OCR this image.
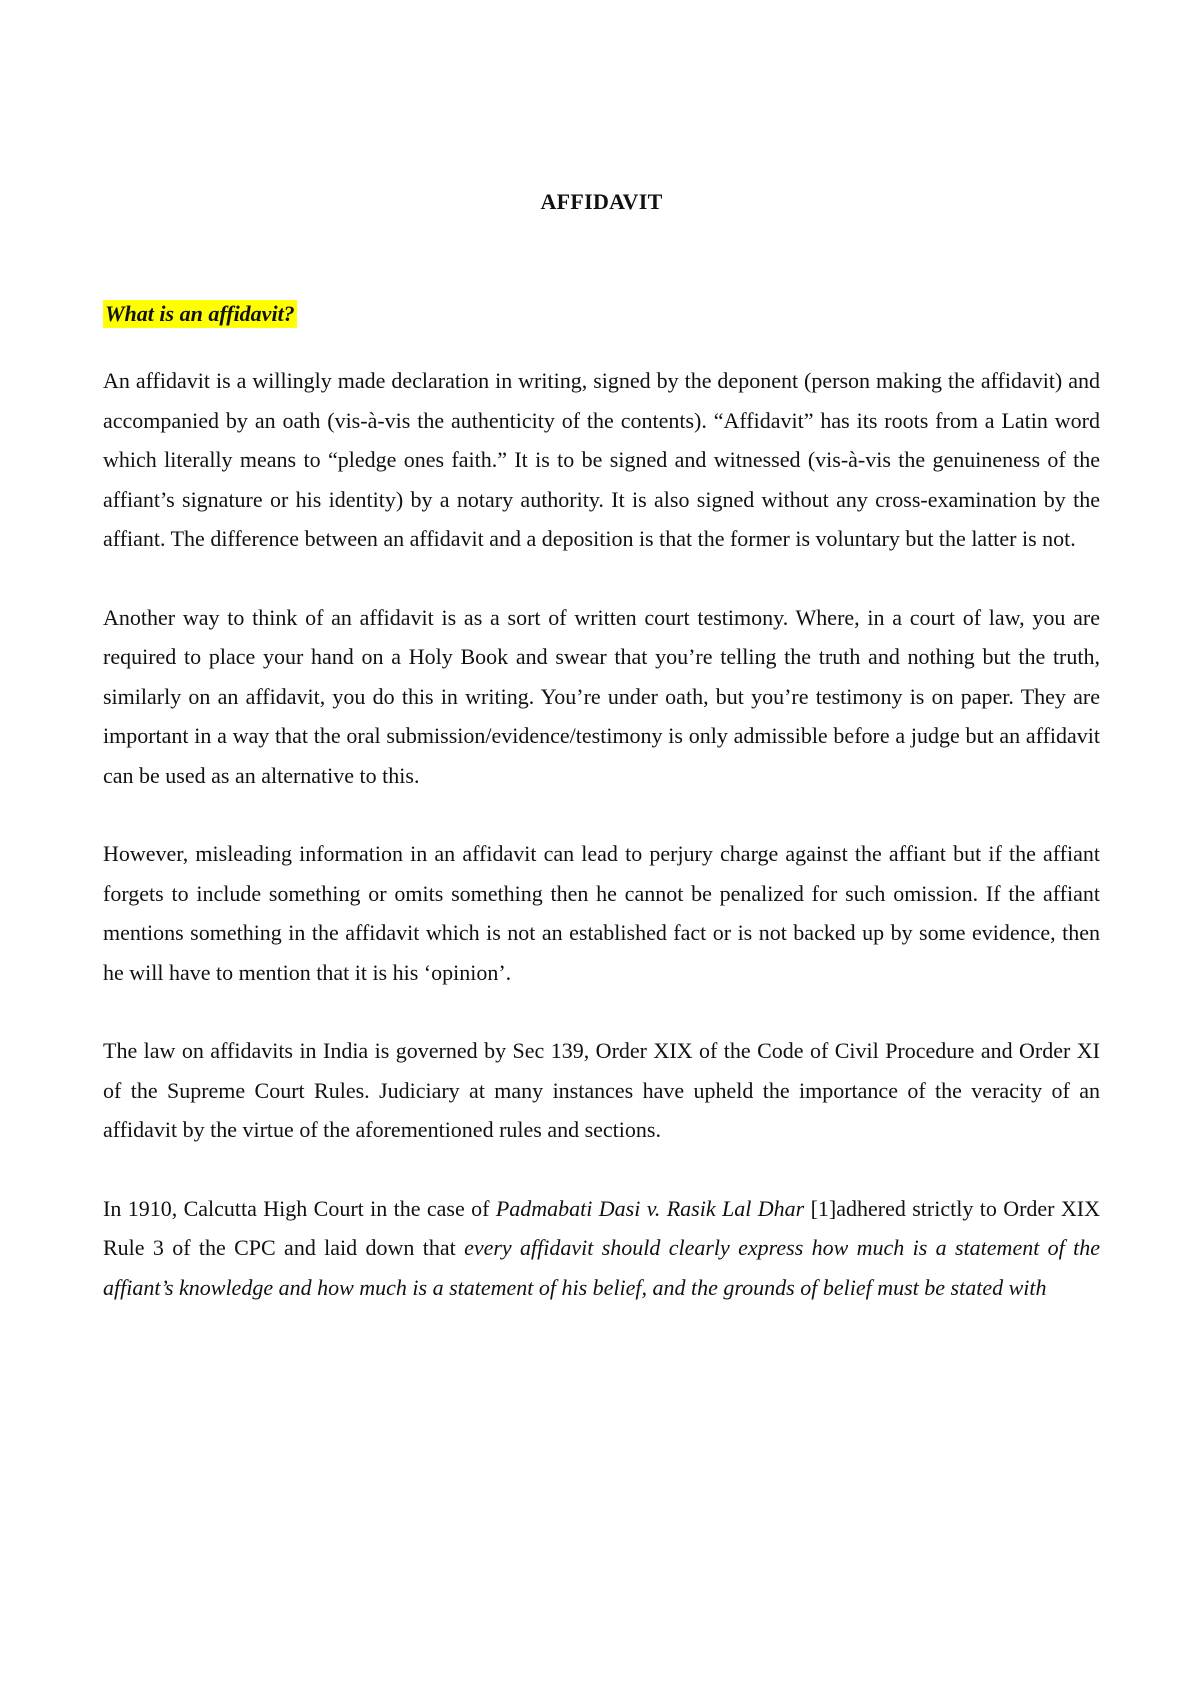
AFFIDAVIT
What is an affidavit?

An affidavit is a willingly made declaration in writing, signed by the deponent (person making the affidavit) and accompanied by an oath (vis-à-vis the authenticity of the contents). “Affidavit” has its roots from a Latin word which literally means to “pledge ones faith.” It is to be signed and witnessed (vis-à-vis the genuineness of the affiant’s signature or his identity) by a notary authority. It is also signed without any cross-examination by the affiant. The difference between an affidavit and a deposition is that the former is voluntary but the latter is not.

Another way to think of an affidavit is as a sort of written court testimony. Where, in a court of law, you are required to place your hand on a Holy Book and swear that you’re telling the truth and nothing but the truth, similarly on an affidavit, you do this in writing. You’re under oath, but you’re testimony is on paper. They are important in a way that the oral submission/evidence/testimony is only admissible before a judge but an affidavit can be used as an alternative to this.

However, misleading information in an affidavit can lead to perjury charge against the affiant but if the affiant forgets to include something or omits something then he cannot be penalized for such omission. If the affiant mentions something in the affidavit which is not an established fact or is not backed up by some evidence, then he will have to mention that it is his ‘opinion’.

The law on affidavits in India is governed by Sec 139, Order XIX of the Code of Civil Procedure and Order XI of the Supreme Court Rules. Judiciary at many instances have upheld the importance of the veracity of an affidavit by the virtue of the aforementioned rules and sections.

In 1910, Calcutta High Court in the case of Padmabati Dasi v. Rasik Lal Dhar [1]adhered strictly to Order XIX Rule 3 of the CPC and laid down that every affidavit should clearly express how much is a statement of the affiant’s knowledge and how much is a statement of his belief, and the grounds of belief must be stated with
